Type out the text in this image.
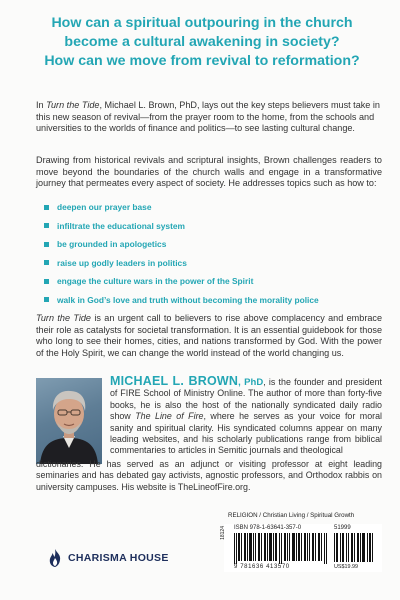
How can a spiritual outpouring in the church
become a cultural awakening in society?
How can we move from revival to reformation?

In Turn the Tide, Michael L. Brown, PhD, lays out the key steps believers must take in this new season of revival—from the prayer room to the home, from the schools and universities to the worlds of finance and politics—to see lasting cultural change.

Drawing from historical revivals and scriptural insights, Brown challenges readers to move beyond the boundaries of the church walls and engage in a transformative journey that permeates every aspect of society. He addresses topics such as how to:

deepen our prayer base
infiltrate the educational system
be grounded in apologetics
raise up godly leaders in politics
engage the culture wars in the power of the Spirit
walk in God’s love and truth without becoming the morality police

Turn the Tide is an urgent call to believers to rise above complacency and embrace their role as catalysts for societal transformation. It is an essential guidebook for those who long to see their homes, cities, and nations transformed by God. With the power of the Holy Spirit, we can change the world instead of the world changing us.

MICHAEL L. BROWN, PhD, is the founder and president of FIRE School of Ministry Online. The author of more than forty-five books, he is also the host of the nationally syndicated daily radio show The Line of Fire, where he serves as your voice for moral sanity and spiritual clarity. His syndicated columns appear on many leading websites, and his scholarly publications range from biblical commentaries to articles in Semitic journals and theological

dictionaries. He has served as an adjunct or visiting professor at eight leading seminaries and has debated gay activists, agnostic professors, and Orthodox rabbis on university campuses. His website is TheLineofFire.org.

CHARISMA HOUSE
RELIGION / Christian Living / Spiritual Growth
18124 ISBN 978-1-63641-357-0	51999
9 781636 413570	US$19.99
